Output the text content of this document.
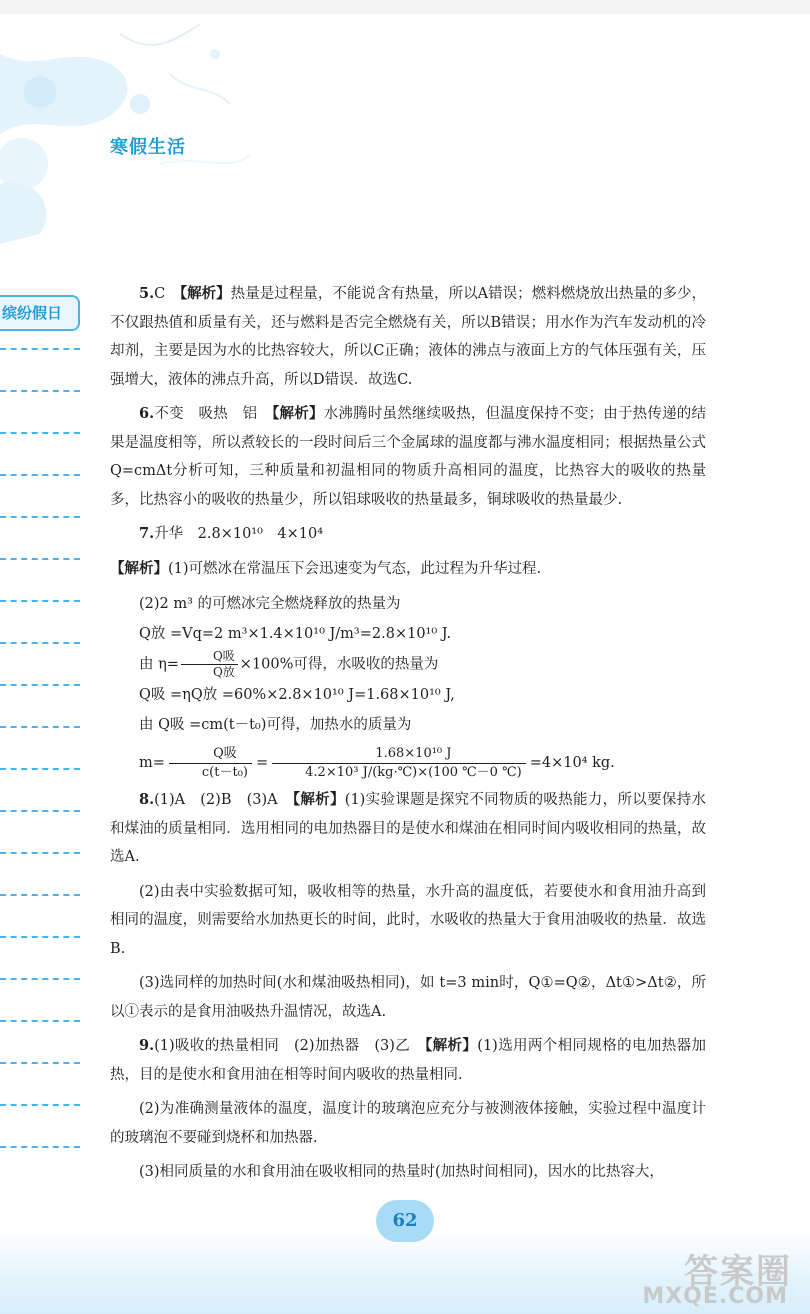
寒假生活
缤纷假日

5.C　 【解析】热量是过程量，不能说含有热量，所以A错误；燃料燃烧放出热量的多少，不仅跟热值和质量有关，还与燃料是否完全燃烧有关，所以B错误；用水作为汽车发动机的冷却剂，主要是因为水的比热容较大，所以C正确；液体的沸点与液面上方的气体压强有关，压强增大，液体的沸点升高，所以D错误．故选C.

6.不变　吸热　铝　 【解析】水沸腾时虽然继续吸热，但温度保持不变；由于热传递的结果是温度相等，所以煮较长的一段时间后三个金属球的温度都与沸水温度相同；根据热量公式Q=cmΔt分析可知，三种质量和初温相同的物质升高相同的温度，比热容大的吸收的热量多，比热容小的吸收的热量少，所以铝球吸收的热量最多，铜球吸收的热量最少.

7.升华　2.8×10¹⁰　4×10⁴

【解析】(1)可燃冰在常温压下会迅速变为气态，此过程为升华过程.

(2)2 m³ 的可燃冰完全燃烧释放的热量为

Q放 =Vq=2 m³×1.4×10¹⁰ J/m³=2.8×10¹⁰ J.

由 $\eta= \frac{\text{Q吸}}{\text{Q放}} \times 100\%$可得，水吸收的热量为

Q吸 =ηQ放 =60%×2.8×10¹⁰ J=1.68×10¹⁰ J,

由 Q吸 =cm(t－t₀)可得，加热水的质量为

$m= \frac{\text{Q吸}}{\text{c(t－t₀)}} = \frac{\text{1.68×10¹⁰ J}}{\text{4.2×10³ J/(kg·℃)×(100 ℃－0 ℃)}} =4\times 10^4$ kg.

8.(1)A　(2)B　(3)A　 【解析】(1)实验课题是探究不同物质的吸热能力，所以要保持水和煤油的质量相同．选用相同的电加热器目的是使水和煤油在相同时间内吸收相同的热量，故选A.

(2)由表中实验数据可知，吸收相等的热量，水升高的温度低，若要使水和食用油升高到相同的温度，则需要给水加热更长的时间，此时，水吸收的热量大于食用油吸收的热量．故选B.

(3)选同样的加热时间(水和煤油吸热相同)，如 t=3 min时，Q①=Q②，Δt①>Δt②，所以①表示的是食用油吸热升温情况，故选A.

9.(1)吸收的热量相同　(2)加热器　(3)乙　 【解析】(1)选用两个相同规格的电加热器加热，目的是使水和食用油在相等时间内吸收的热量相同.

(2)为准确测量液体的温度，温度计的玻璃泡应充分与被测液体接触，实验过程中温度计的玻璃泡不要碰到烧杯和加热器.

(3)相同质量的水和食用油在吸收相同的热量时(加热时间相同)，因水的比热容大，

62
答案圈
MXQE.COM
